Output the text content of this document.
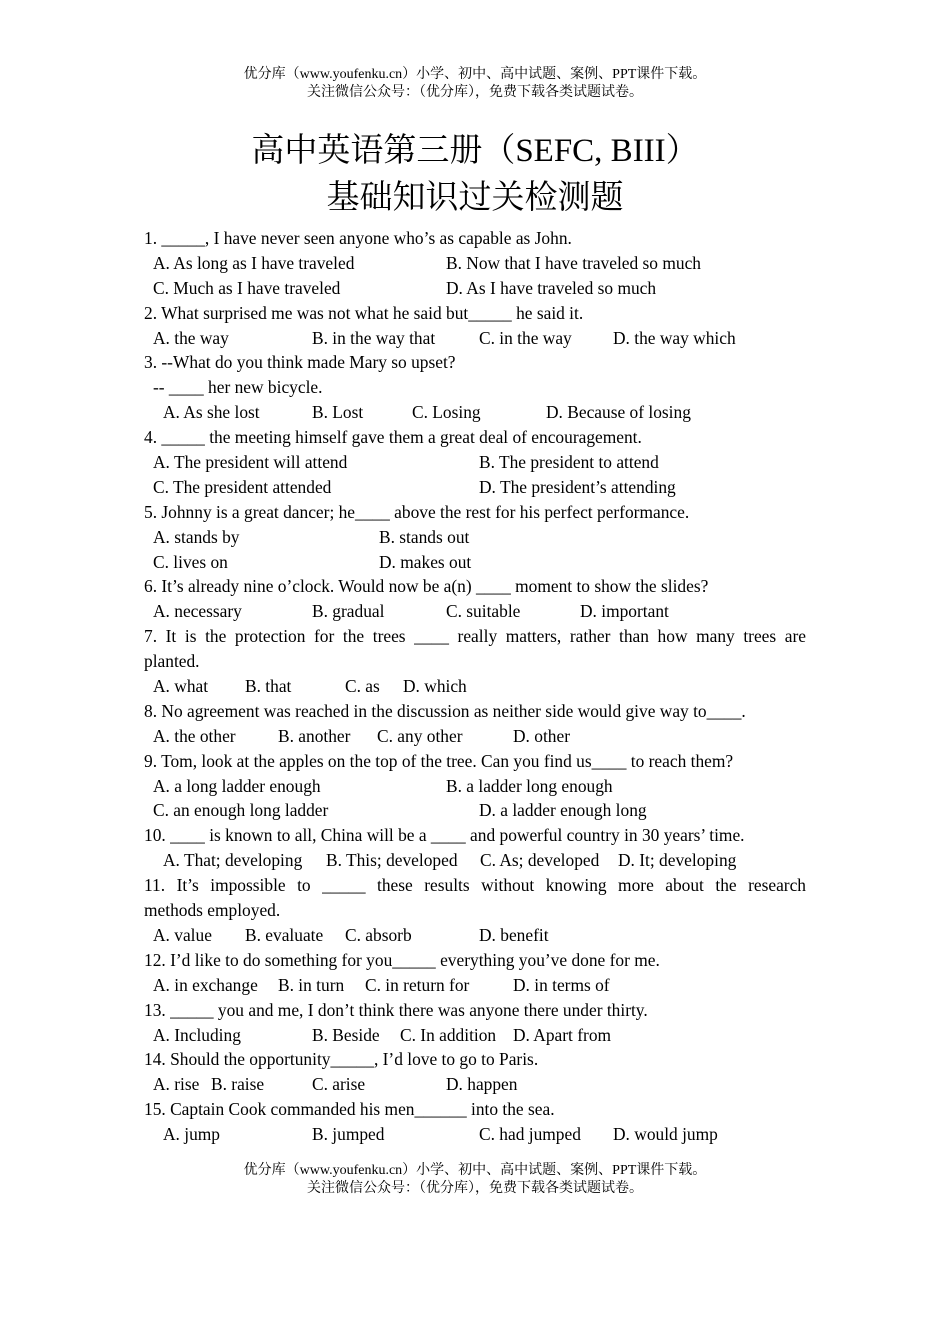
优分库（www.youfenku.cn）小学、初中、高中试题、案例、PPT课件下载。
关注微信公众号：（优分库），免费下载各类试题试卷。
高中英语第三册（SEFC, BIII）
基础知识过关检测题
1. _____, I have never seen anyone who’s as capable as John.
A. As long as I have traveled	B. Now that I have traveled so much
C. Much as I have traveled	D. As I have traveled so much
2. What surprised me was not what he said but_____ he said it.
A. the way	B. in the way that	C. in the way D. the way which
3. --What do you think made Mary so upset?
-- ____ her new bicycle.
A. As she lost	B. Lost	C. Losing	D. Because of losing
4. _____ the meeting himself gave them a great deal of encouragement.
A. The president will attend	B. The president to attend
C. The president attended	D. The president’s attending
5. Johnny is a great dancer; he____ above the rest for his perfect performance.
A. stands by	B. stands out
C. lives on	D. makes out
6. It’s already nine o’clock. Would now be a(n) ____ moment to show the slides?
A. necessary	B. gradual	C. suitable	D. important
7. It is the protection for the trees ____ really matters, rather than how many trees are
planted.
A. what B. that	C. as D. which
8. No agreement was reached in the discussion as neither side would give way to____.
A. the other B. another C. any other	D. other
9. Tom, look at the apples on the top of the tree. Can you find us____ to reach them?
A. a long ladder enough	B. a ladder long enough
C. an enough long ladder	D. a ladder enough long
10. ____ is known to all, China will be a ____ and powerful country in 30 years’ time.
A. That; developing B. This; developed C. As; developed D. It; developing
11. It’s impossible to _____ these results without knowing more about the research
methods employed.
A. value B. evaluate C. absorb	D. benefit
12. I’d like to do something for you_____ everything you’ve done for me.
A. in exchange B. in turn C. in return for	D. in terms of
13. _____ you and me, I don’t think there was anyone there under thirty.
A. Including	B. Beside C. In addition D. Apart from
14. Should the opportunity_____, I’d love to go to Paris.
A. rise B. raise	C. arise	D. happen
15. Captain Cook commanded his men______ into the sea.
A. jump	B. jumped	C. had jumped D. would jump
优分库（www.youfenku.cn）小学、初中、高中试题、案例、PPT课件下载。
关注微信公众号：（优分库），免费下载各类试题试卷。
